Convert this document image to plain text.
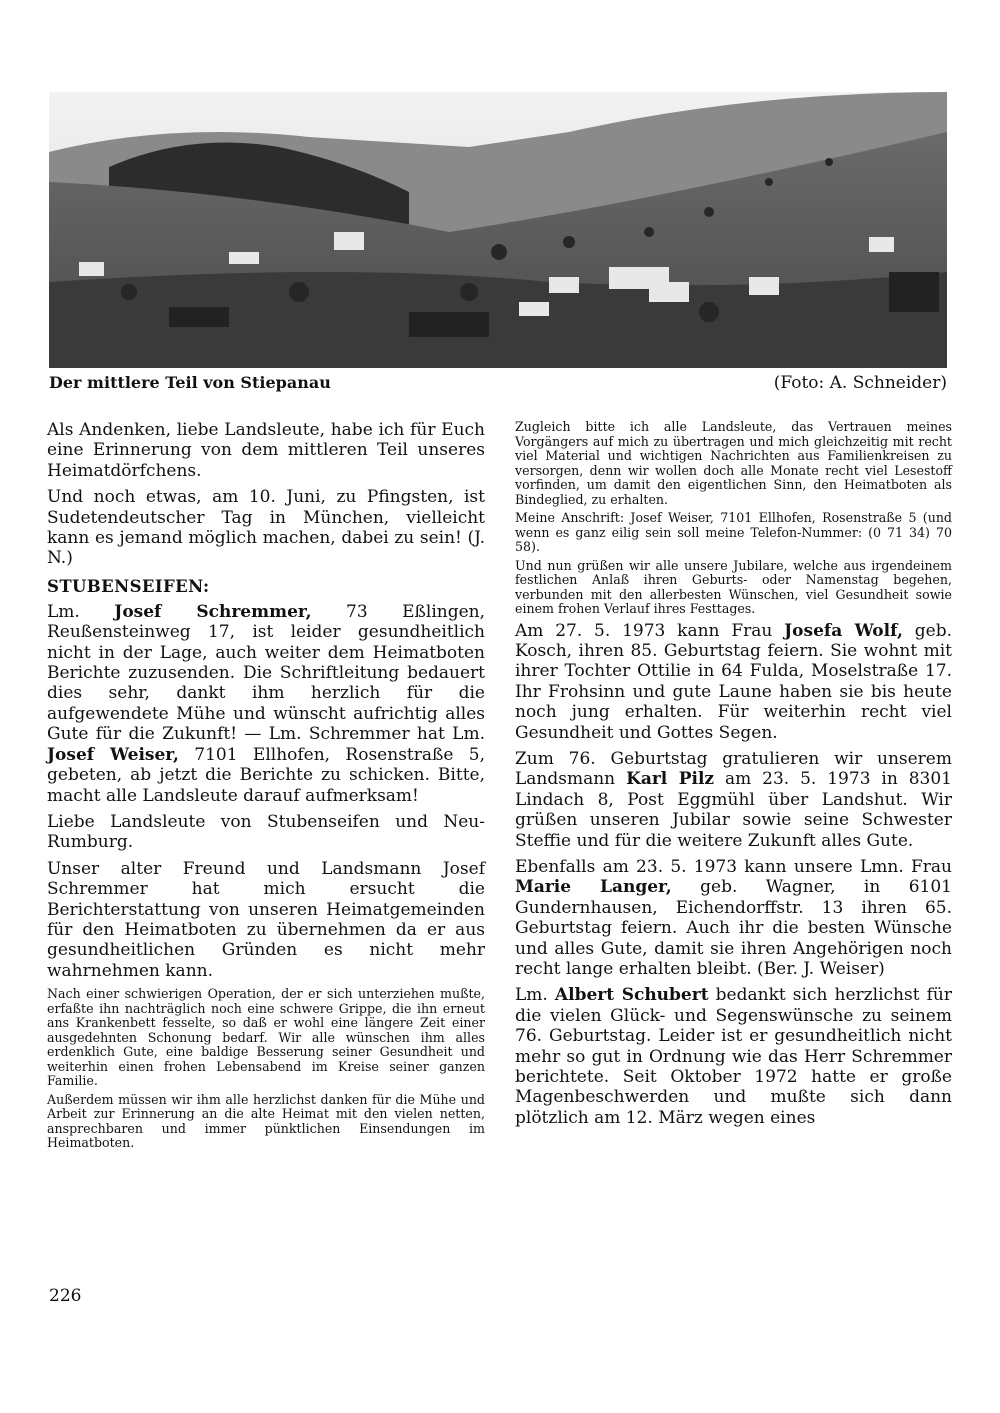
Der mittlere Teil von Stiepanau	(Foto: A. Schneider)

Als Andenken, liebe Landsleute, habe ich für Euch eine Erinnerung von dem mittleren Teil unseres Heimatdörfchens.

Und noch etwas, am 10. Juni, zu Pfingsten, ist Sudetendeutscher Tag in München, vielleicht kann es jemand möglich machen, dabei zu sein! (J. N.)

STUBENSEIFEN:

Lm. Josef Schremmer, 73 Eßlingen, Reußensteinweg 17, ist leider gesundheitlich nicht in der Lage, auch weiter dem Heimatboten Berichte zuzusenden. Die Schriftleitung bedauert dies sehr, dankt ihm herzlich für die aufgewendete Mühe und wünscht aufrichtig alles Gute für die Zukunft! — Lm. Schremmer hat Lm. Josef Weiser, 7101 Ellhofen, Rosenstraße 5, gebeten, ab jetzt die Berichte zu schicken. Bitte, macht alle Landsleute darauf aufmerksam!

Liebe Landsleute von Stubenseifen und Neu-Rumburg.

Unser alter Freund und Landsmann Josef Schremmer hat mich ersucht die Berichterstattung von unseren Heimatgemeinden für den Heimatboten zu übernehmen da er aus gesundheitlichen Gründen es nicht mehr wahrnehmen kann.

Nach einer schwierigen Operation, der er sich unterziehen mußte, erfaßte ihn nachträglich noch eine schwere Grippe, die ihn erneut ans Krankenbett fesselte, so daß er wohl eine längere Zeit einer ausgedehnten Schonung bedarf. Wir alle wünschen ihm alles erdenklich Gute, eine baldige Besserung seiner Gesundheit und weiterhin einen frohen Lebensabend im Kreise seiner ganzen Familie.

Außerdem müssen wir ihm alle herzlichst danken für die Mühe und Arbeit zur Erinnerung an die alte Heimat mit den vielen netten, ansprechbaren und immer pünktlichen Einsendungen im Heimatboten.

Zugleich bitte ich alle Landsleute, das Vertrauen meines Vorgängers auf mich zu übertragen und mich gleichzeitig mit recht viel Material und wichtigen Nachrichten aus Familienkreisen zu versorgen, denn wir wollen doch alle Monate recht viel Lesestoff vorfinden, um damit den eigentlichen Sinn, den Heimatboten als Bindeglied, zu erhalten.

Meine Anschrift: Josef Weiser, 7101 Ellhofen, Rosenstraße 5 (und wenn es ganz eilig sein soll meine Telefon-Nummer: (0 71 34) 70 58).

Und nun grüßen wir alle unsere Jubilare, welche aus irgendeinem festlichen Anlaß ihren Geburts- oder Namenstag begehen, verbunden mit den allerbesten Wünschen, viel Gesundheit sowie einem frohen Verlauf ihres Festtages.

Am 27. 5. 1973 kann Frau Josefa Wolf, geb. Kosch, ihren 85. Geburtstag feiern. Sie wohnt mit ihrer Tochter Ottilie in 64 Fulda, Moselstraße 17. Ihr Frohsinn und gute Laune haben sie bis heute noch jung erhalten. Für weiterhin recht viel Gesundheit und Gottes Segen.

Zum 76. Geburtstag gratulieren wir unserem Landsmann Karl Pilz am 23. 5. 1973 in 8301 Lindach 8, Post Eggmühl über Landshut. Wir grüßen unseren Jubilar sowie seine Schwester Steffie und für die weitere Zukunft alles Gute.

Ebenfalls am 23. 5. 1973 kann unsere Lmn. Frau Marie Langer, geb. Wagner, in 6101 Gundernhausen, Eichendorffstr. 13 ihren 65. Geburtstag feiern. Auch ihr die besten Wünsche und alles Gute, damit sie ihren Angehörigen noch recht lange erhalten bleibt. (Ber. J. Weiser)

Lm. Albert Schubert bedankt sich herzlichst für die vielen Glück- und Segenswünsche zu seinem 76. Geburtstag. Leider ist er gesundheitlich nicht mehr so gut in Ordnung wie das Herr Schremmer berichtete. Seit Oktober 1972 hatte er große Magenbeschwerden und mußte sich dann plötzlich am 12. März wegen eines

226
